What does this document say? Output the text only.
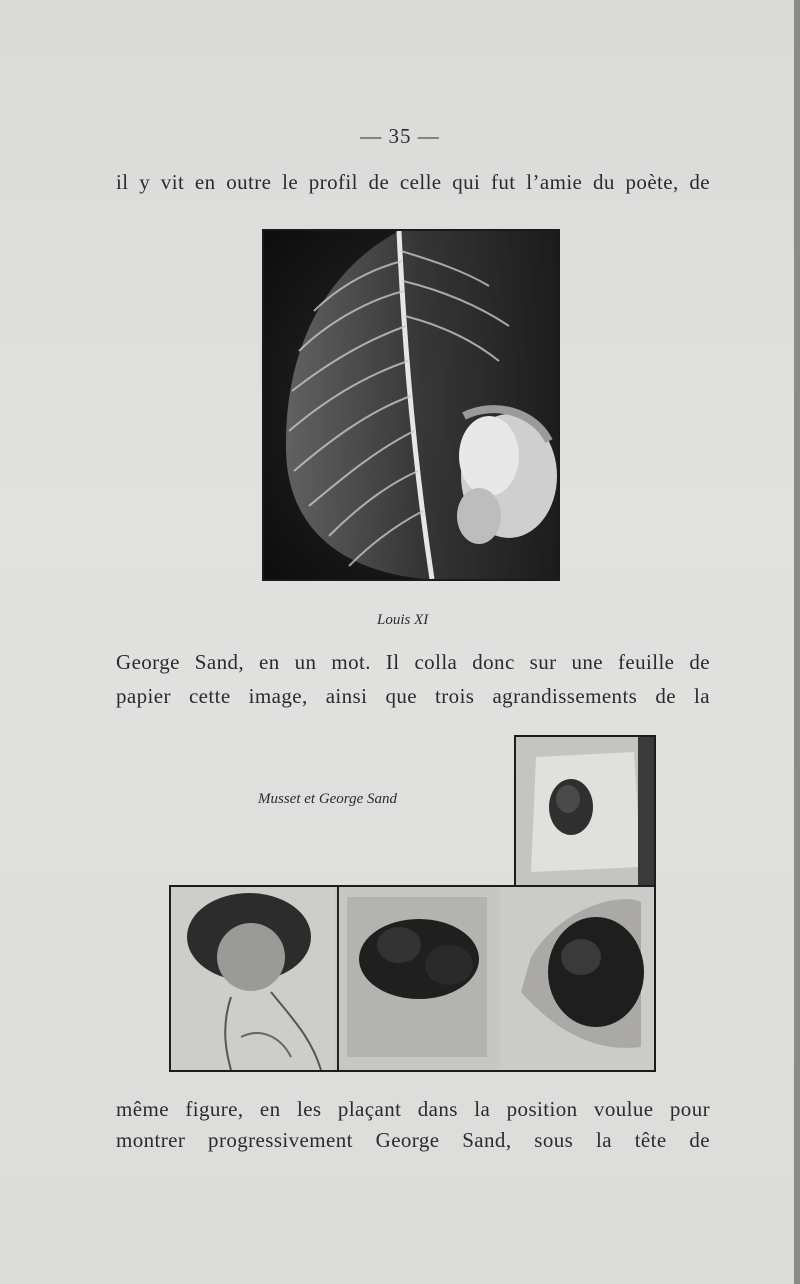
— 35 —
il y vit en outre le profil de celle qui fut l’amie du poète, de
Louis XI
George Sand, en un mot. Il colla donc sur une feuille de
papier cette image, ainsi que trois agrandissements de la
Musset et George Sand
même figure, en les plaçant dans la position voulue pour
montrer progressivement George Sand, sous la tête de
